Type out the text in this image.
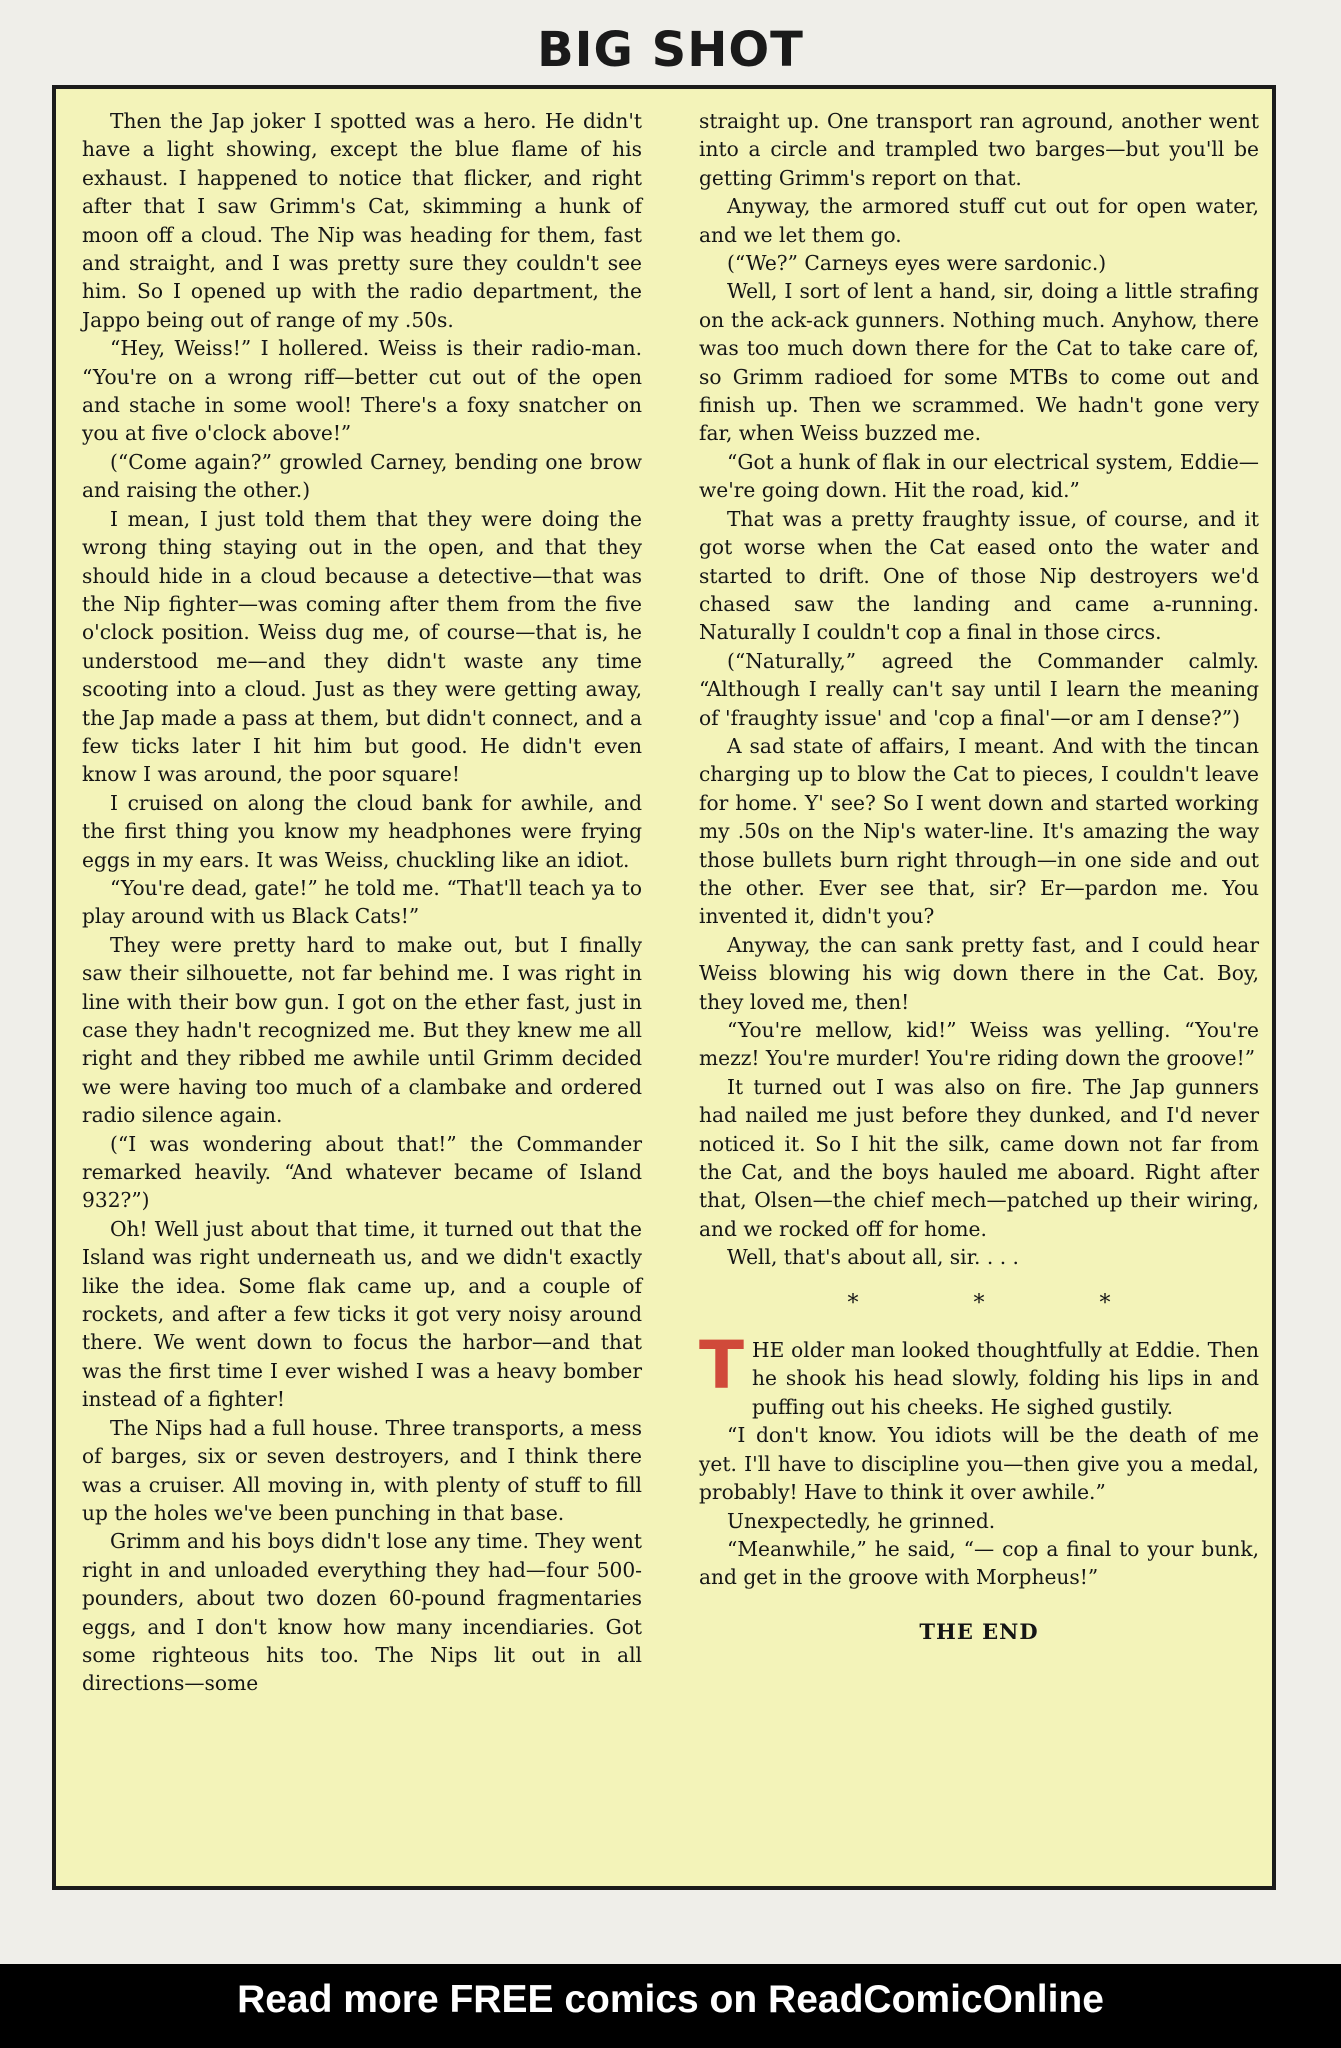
BIG SHOT

Then the Jap joker I spotted was a hero. He didn't have a light showing, except the blue flame of his exhaust. I happened to notice that flicker, and right after that I saw Grimm's Cat, skimming a hunk of moon off a cloud. The Nip was heading for them, fast and straight, and I was pretty sure they couldn't see him. So I opened up with the radio department, the Jappo being out of range of my .50s.

“Hey, Weiss!” I hollered. Weiss is their radio-man. “You're on a wrong riff—better cut out of the open and stache in some wool! There's a foxy snatcher on you at five o'clock above!”

(“Come again?” growled Carney, bending one brow and raising the other.)

I mean, I just told them that they were doing the wrong thing staying out in the open, and that they should hide in a cloud because a detective—that was the Nip fighter—was coming after them from the five o'clock position. Weiss dug me, of course—that is, he understood me—and they didn't waste any time scooting into a cloud. Just as they were getting away, the Jap made a pass at them, but didn't connect, and a few ticks later I hit him but good. He didn't even know I was around, the poor square!

I cruised on along the cloud bank for awhile, and the first thing you know my headphones were frying eggs in my ears. It was Weiss, chuckling like an idiot.

“You're dead, gate!” he told me. “That'll teach ya to play around with us Black Cats!”

They were pretty hard to make out, but I finally saw their silhouette, not far behind me. I was right in line with their bow gun. I got on the ether fast, just in case they hadn't recognized me. But they knew me all right and they ribbed me awhile until Grimm decided we were having too much of a clambake and ordered radio silence again.

(“I was wondering about that!” the Commander remarked heavily. “And whatever became of Island 932?”)

Oh! Well just about that time, it turned out that the Island was right underneath us, and we didn't exactly like the idea. Some flak came up, and a couple of rockets, and after a few ticks it got very noisy around there. We went down to focus the harbor—and that was the first time I ever wished I was a heavy bomber instead of a fighter!

The Nips had a full house. Three transports, a mess of barges, six or seven destroyers, and I think there was a cruiser. All moving in, with plenty of stuff to fill up the holes we've been punching in that base.

Grimm and his boys didn't lose any time. They went right in and unloaded everything they had—four 500-pounders, about two dozen 60-pound fragmentaries eggs, and I don't know how many incendiaries. Got some righteous hits too. The Nips lit out in all directions—some

straight up. One transport ran aground, another went into a circle and trampled two barges—but you'll be getting Grimm's report on that.

Anyway, the armored stuff cut out for open water, and we let them go.

(“We?” Carneys eyes were sardonic.)

Well, I sort of lent a hand, sir, doing a little strafing on the ack-ack gunners. Nothing much. Anyhow, there was too much down there for the Cat to take care of, so Grimm radioed for some MTBs to come out and finish up. Then we scrammed. We hadn't gone very far, when Weiss buzzed me.

“Got a hunk of flak in our electrical system, Eddie—we're going down. Hit the road, kid.”

That was a pretty fraughty issue, of course, and it got worse when the Cat eased onto the water and started to drift. One of those Nip destroyers we'd chased saw the landing and came a-running. Naturally I couldn't cop a final in those circs.

(“Naturally,” agreed the Commander calmly. “Although I really can't say until I learn the meaning of 'fraughty issue' and 'cop a final'—or am I dense?”)

A sad state of affairs, I meant. And with the tincan charging up to blow the Cat to pieces, I couldn't leave for home. Y' see? So I went down and started working my .50s on the Nip's water-line. It's amazing the way those bullets burn right through—in one side and out the other. Ever see that, sir? Er—pardon me. You invented it, didn't you?

Anyway, the can sank pretty fast, and I could hear Weiss blowing his wig down there in the Cat. Boy, they loved me, then!

“You're mellow, kid!” Weiss was yelling. “You're mezz! You're murder! You're riding down the groove!”

It turned out I was also on fire. The Jap gunners had nailed me just before they dunked, and I'd never noticed it. So I hit the silk, came down not far from the Cat, and the boys hauled me aboard. Right after that, Olsen—the chief mech—patched up their wiring, and we rocked off for home.

Well, that's about all, sir. . . .

* * *

THE older man looked thoughtfully at Eddie. Then he shook his head slowly, folding his lips in and puffing out his cheeks. He sighed gustily.

“I don't know. You idiots will be the death of me yet. I'll have to discipline you—then give you a medal, probably! Have to think it over awhile.”

Unexpectedly, he grinned.

“Meanwhile,” he said, “— cop a final to your bunk, and get in the groove with Morpheus!”

THE END
Read more FREE comics on ReadComicOnline
